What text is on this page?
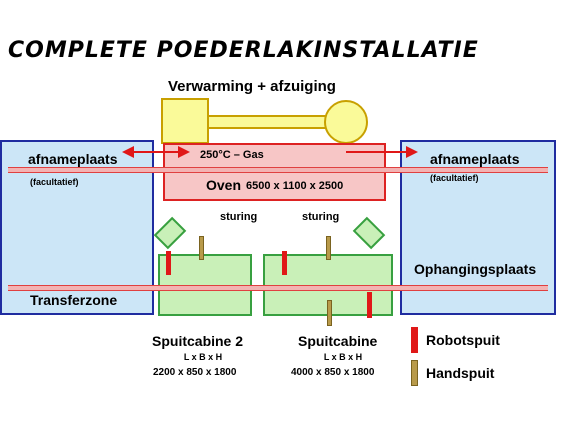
COMPLETE POEDERLAKINSTALLATIE
Verwarming + afzuiging
afnameplaats
(facultatief)
Transferzone
afnameplaats
(facultatief)
Ophangingsplaats
250°C – Gas
Oven 6500 x 1100 x 2500
sturing	sturing
Spuitcabine 2
L x B x H
2200 x 850 x 1800
Spuitcabine
L x B x H
4000 x 850 x 1800
Robotspuit
Handspuit
